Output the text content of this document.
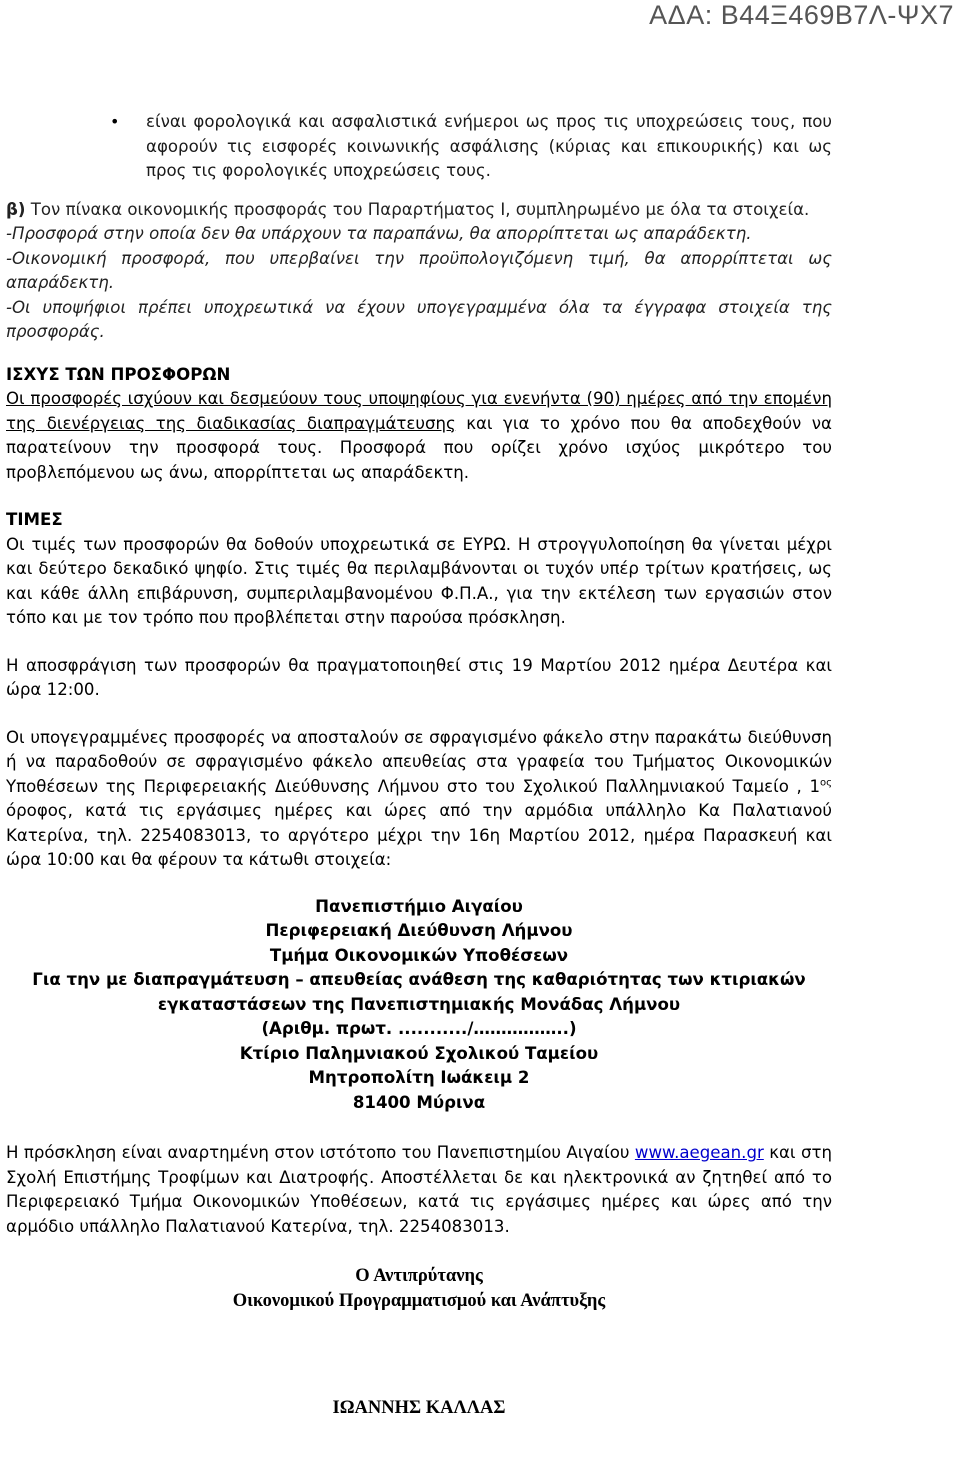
ΑΔΑ: Β44Ξ469Β7Λ-ΨΧ7
•	είναι φορολογικά και ασφαλιστικά ενήμεροι ως προς τις υποχρεώσεις τους, που αφορούν τις εισφορές κοινωνικής ασφάλισης (κύριας και επικουρικής) και ως προς τις φορολογικές υποχρεώσεις τους.

β) Τον πίνακα οικονομικής προσφοράς του Παραρτήματος Ι, συμπληρωμένο με όλα τα στοιχεία.

-Προσφορά στην οποία δεν θα υπάρχουν τα παραπάνω, θα απορρίπτεται ως απαράδεκτη.

-Οικονομική προσφορά, που υπερβαίνει την προϋπολογιζόμενη τιμή, θα απορρίπτεται ως απαράδεκτη.

-Οι υποψήφιοι πρέπει υποχρεωτικά να έχουν υπογεγραμμένα όλα τα έγγραφα στοιχεία της προσφοράς.

ΙΣΧΥΣ ΤΩΝ ΠΡΟΣΦΟΡΩΝ

Οι προσφορές ισχύουν και δεσμεύουν τους υποψηφίους για ενενήντα (90) ημέρες από την επομένη της διενέργειας της διαδικασίας διαπραγμάτευσης και για το χρόνο που θα αποδεχθούν να παρατείνουν την προσφορά τους. Προσφορά που ορίζει χρόνο ισχύος μικρότερο του προβλεπόμενου ως άνω, απορρίπτεται ως απαράδεκτη.

ΤΙΜΕΣ

Οι τιμές των προσφορών θα δοθούν υποχρεωτικά σε ΕΥΡΩ. Η στρογγυλοποίηση θα γίνεται μέχρι και δεύτερο δεκαδικό ψηφίο. Στις τιμές θα περιλαμβάνονται οι τυχόν υπέρ τρίτων κρατήσεις, ως και κάθε άλλη επιβάρυνση, συμπεριλαμβανομένου Φ.Π.Α., για την εκτέλεση των εργασιών στον τόπο και με τον τρόπο που προβλέπεται στην παρούσα πρόσκληση.

Η αποσφράγιση των προσφορών θα πραγματοποιηθεί στις 19 Μαρτίου 2012 ημέρα Δευτέρα και ώρα 12:00.

Οι υπογεγραμμένες προσφορές να αποσταλούν σε σφραγισμένο φάκελο στην παρακάτω διεύθυνση ή να παραδοθούν σε σφραγισμένο φάκελο απευθείας στα γραφεία του Τμήματος Οικονομικών Υποθέσεων της Περιφερειακής Διεύθυνσης Λήμνου στο του Σχολικού Παλλημνιακού Ταμείο , $1^{o\varsigma}$ όροφος, κατά τις εργάσιμες ημέρες και ώρες από την αρμόδια υπάλληλο Κα Παλατιανού Κατερίνα, τηλ. 2254083013, το αργότερο μέχρι την 16η Μαρτίου 2012, ημέρα Παρασκευή και ώρα 10:00 και θα φέρουν τα κάτωθι στοιχεία:

Πανεπιστήμιο Αιγαίου

Περιφερειακή Διεύθυνση Λήμνου

Τμήμα Οικονομικών Υποθέσεων

Για την με διαπραγμάτευση – απευθείας ανάθεση της καθαριότητας των κτιριακών εγκαταστάσεων της Πανεπιστημιακής Μονάδας Λήμνου

(Αριθμ. πρωτ. .........../……………..)

Κτίριο Παλημνιακού Σχολικού Ταμείου

Μητροπολίτη Ιωάκειμ 2

81400 Μύρινα

Η πρόσκληση είναι αναρτημένη στον ιστότοπο του Πανεπιστημίου Αιγαίου www.aegean.gr και στη Σχολή Επιστήμης Τροφίμων και Διατροφής. Αποστέλλεται δε και ηλεκτρονικά αν ζητηθεί από το Περιφερειακό Τμήμα Οικονομικών Υποθέσεων, κατά τις εργάσιμες ημέρες και ώρες από την αρμόδιο υπάλληλο Παλατιανού Κατερίνα, τηλ. 2254083013.

Ο Αντιπρύτανης

Οικονομικού Προγραμματισμού και Ανάπτυξης

ΙΩΑΝΝΗΣ ΚΑΛΛΑΣ
